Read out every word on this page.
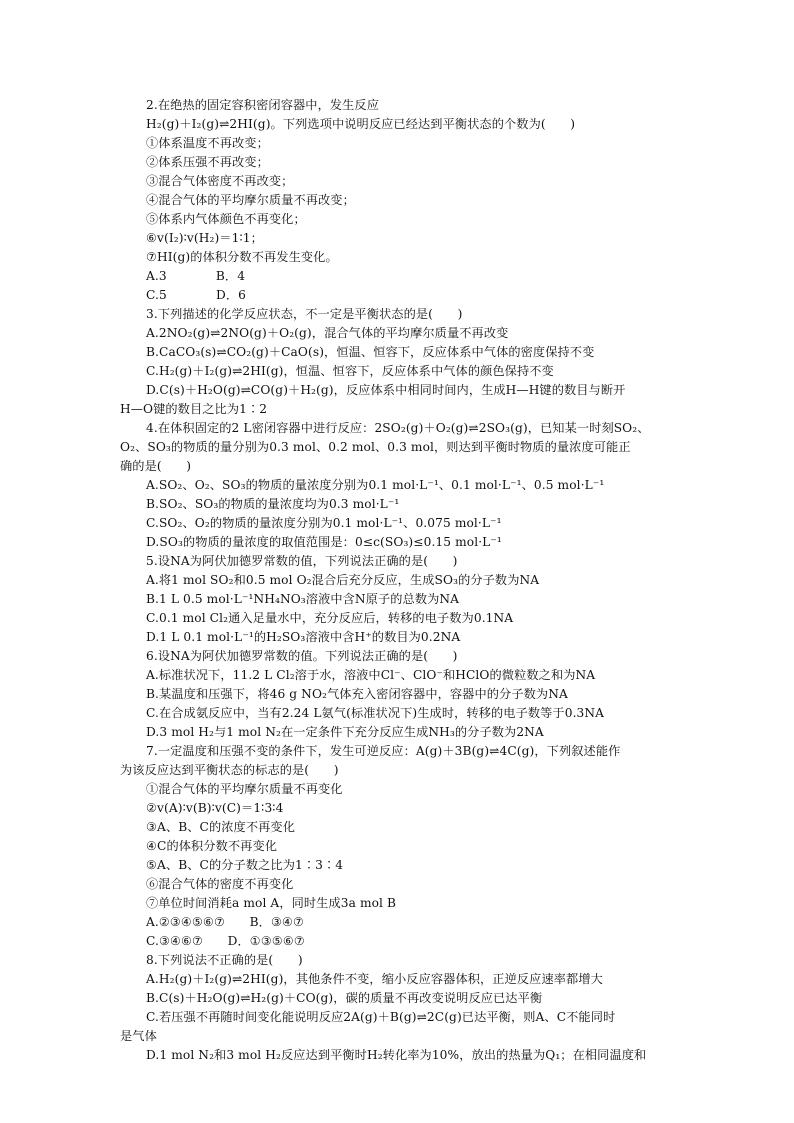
2.在绝热的固定容积密闭容器中，发生反应
H₂(g)＋I₂(g)⇌2HI(g)。下列选项中说明反应已经达到平衡状态的个数为(　　)
①体系温度不再改变；
②体系压强不再改变；
③混合气体密度不再改变；
④混合气体的平均摩尔质量不再改变；
⑤体系内气体颜色不再变化；
⑥v(I₂)∶v(H₂)＝1∶1；
⑦HI(g)的体积分数不再发生变化。
A.3　　　　B．4
C.5　　　　D．6
3.下列描述的化学反应状态，不一定是平衡状态的是(　　)
A.2NO₂(g)⇌2NO(g)＋O₂(g)，混合气体的平均摩尔质量不再改变
B.CaCO₃(s)⇌CO₂(g)＋CaO(s)，恒温、恒容下，反应体系中气体的密度保持不变
C.H₂(g)＋I₂(g)⇌2HI(g)，恒温、恒容下，反应体系中气体的颜色保持不变
D.C(s)＋H₂O(g)⇌CO(g)＋H₂(g)，反应体系中相同时间内，生成H—H键的数目与断开
H—O键的数目之比为1∶2
4.在体积固定的2 L密闭容器中进行反应：2SO₂(g)＋O₂(g)⇌2SO₃(g)，已知某一时刻SO₂、
O₂、SO₃的物质的量分别为0.3 mol、0.2 mol、0.3 mol，则达到平衡时物质的量浓度可能正
确的是(　　)
A.SO₂、O₂、SO₃的物质的量浓度分别为0.1 mol·L⁻¹、0.1 mol·L⁻¹、0.5 mol·L⁻¹
B.SO₂、SO₃的物质的量浓度均为0.3 mol·L⁻¹
C.SO₂、O₂的物质的量浓度分别为0.1 mol·L⁻¹、0.075 mol·L⁻¹
D.SO₃的物质的量浓度的取值范围是：0≤c(SO₃)≤0.15 mol·L⁻¹
5.设NA为阿伏加德罗常数的值，下列说法正确的是(　　)
A.将1 mol SO₂和0.5 mol O₂混合后充分反应，生成SO₃的分子数为NA
B.1 L 0.5 mol·L⁻¹NH₄NO₃溶液中含N原子的总数为NA
C.0.1 mol Cl₂通入足量水中，充分反应后，转移的电子数为0.1NA
D.1 L 0.1 mol·L⁻¹的H₂SO₃溶液中含H⁺的数目为0.2NA
6.设NA为阿伏加德罗常数的值。下列说法正确的是(　　)
A.标准状况下，11.2 L Cl₂溶于水，溶液中Cl⁻、ClO⁻和HClO的微粒数之和为NA
B.某温度和压强下，将46 g NO₂气体充入密闭容器中，容器中的分子数为NA
C.在合成氨反应中，当有2.24 L氨气(标准状况下)生成时，转移的电子数等于0.3NA
D.3 mol H₂与1 mol N₂在一定条件下充分反应生成NH₃的分子数为2NA
7.一定温度和压强不变的条件下，发生可逆反应：A(g)＋3B(g)⇌4C(g)，下列叙述能作
为该反应达到平衡状态的标志的是(　　)
①混合气体的平均摩尔质量不再变化
②v(A)∶v(B)∶v(C)＝1∶3∶4
③A、B、C的浓度不再变化
④C的体积分数不再变化
⑤A、B、C的分子数之比为1∶3∶4
⑥混合气体的密度不再变化
⑦单位时间消耗a mol A，同时生成3a mol B
A.②③④⑤⑥⑦　　B．③④⑦
C.③④⑥⑦　　D．①③⑤⑥⑦
8.下列说法不正确的是(　　)
A.H₂(g)＋I₂(g)⇌2HI(g)，其他条件不变，缩小反应容器体积，正逆反应速率都增大
B.C(s)＋H₂O(g)⇌H₂(g)＋CO(g)，碳的质量不再改变说明反应已达平衡
C.若压强不再随时间变化能说明反应2A(g)＋B(g)⇌2C(g)已达平衡，则A、C不能同时
是气体
D.1 mol N₂和3 mol H₂反应达到平衡时H₂转化率为10%，放出的热量为Q₁；在相同温度和
